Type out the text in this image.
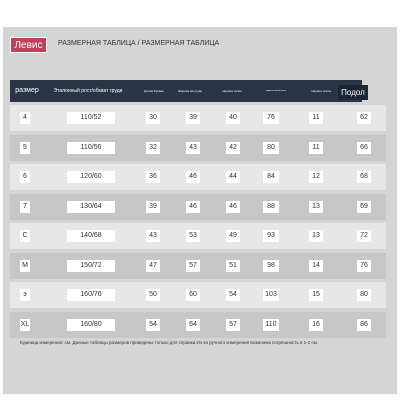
Левис	РАЗМЕРНАЯ ТАБЛИЦА / РАЗМЕРНАЯ ТАБЛИЦА
размер	Эталонный рост/обхват груди	Длина Рукава	Ширина ма груди	ширина талии	ширина нижней части	ширина плеча	Подол
4	110/52	30	39	40	76	11	62
5	110/56	32	43	42	80	11	66
6	120/60	36	46	44	84	12	68
7	130/64	39	46	46	88	13	69
С	140/68	43	53	49	93	13	72
М	150/72	47	57	51	98	14	76
э	160/76	50	60	54	103	15	80
XL	160/80	54	64	57	110	16	86
Единица измерения: см. Данные таблицы размеров приведены только для справки.Из-за ручного измерения возможна погрешность в 1-2 см.
